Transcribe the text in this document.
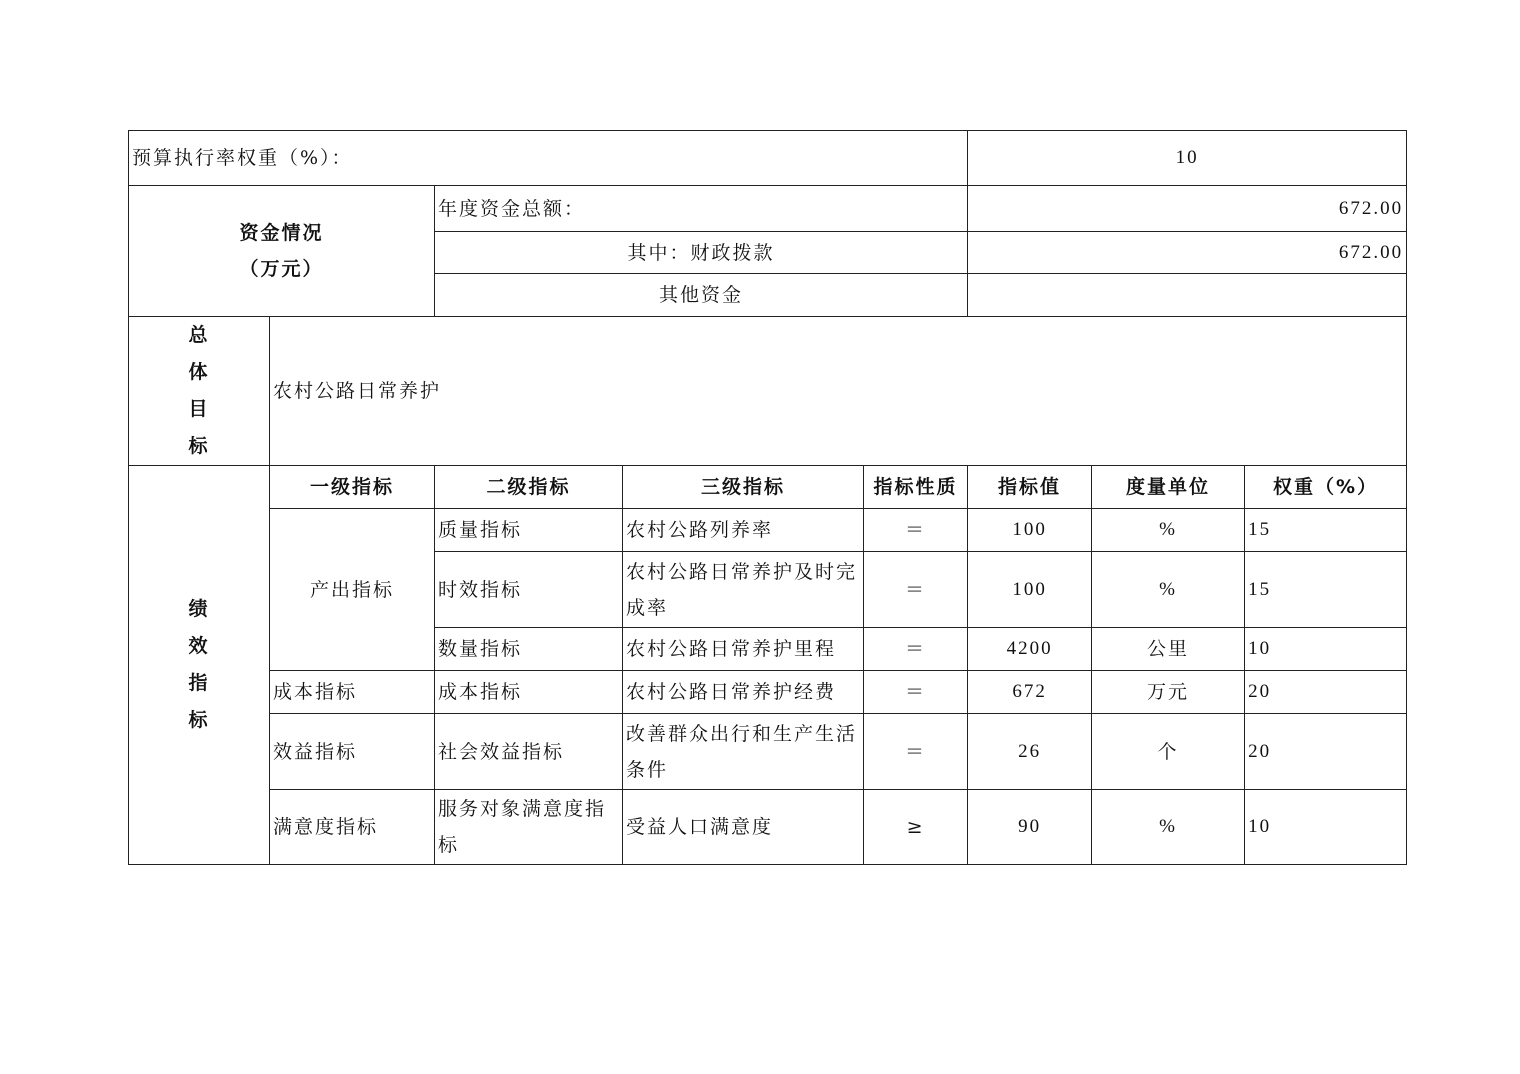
预算执行率权重（%）：					10		

资金情况
（万元）		年度资金总额：			672.00		
		其中：财政拨款			672.00		
		其他资金					

总
体
目
标	农村公路日常养护						

绩
效
指
标	一级指标	二级指标	三级指标	指标性质	指标值	度量单位	权重（%）
	产出指标	质量指标	农村公路列养率	＝	100	%	15
		时效指标	农村公路日常养护及时完成率	＝	100	%	15
		数量指标	农村公路日常养护里程	＝	4200	公里	10
	成本指标	成本指标	农村公路日常养护经费	＝	672	万元	20
	效益指标	社会效益指标	改善群众出行和生产生活条件	＝	26	个	20
	满意度指标	服务对象满意度指标	受益人口满意度	≥	90	%	10
